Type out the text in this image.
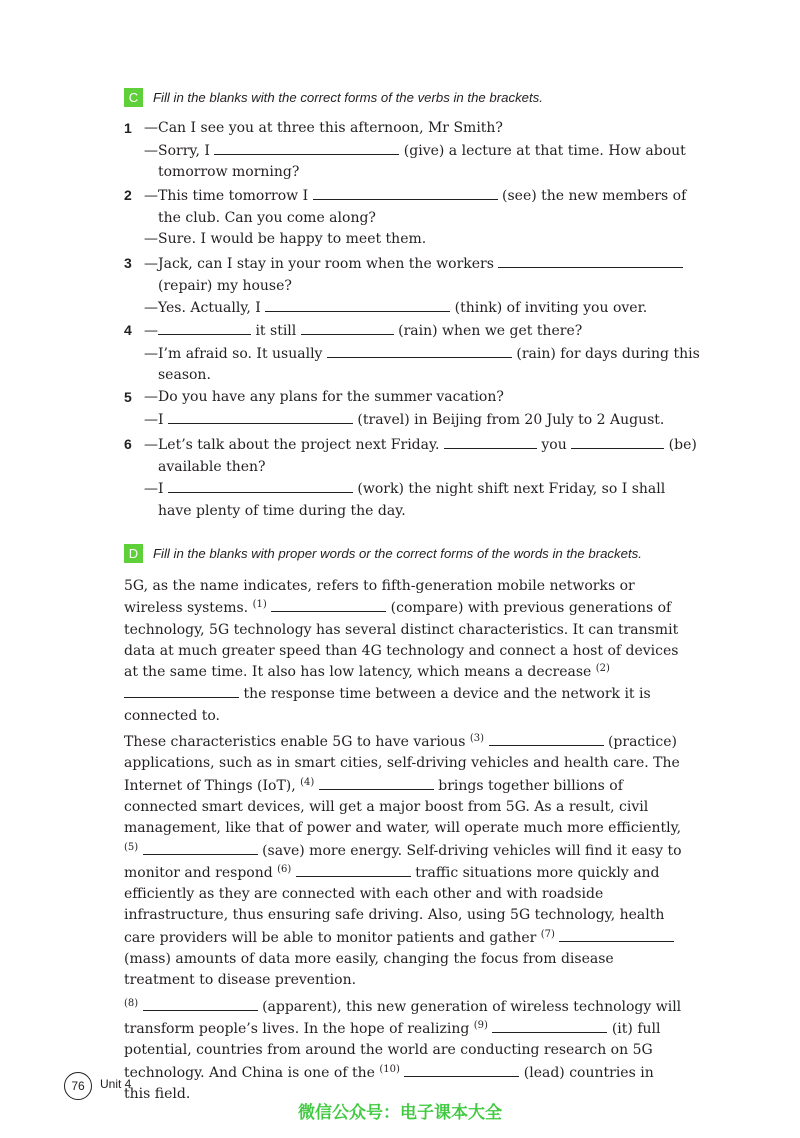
C	Fill in the blanks with the correct forms of the verbs in the brackets.
1 —Can I see you at three this afternoon, Mr Smith?

—Sorry, I	(give) a lecture at that time. How about tomorrow morning?

2 —This time tomorrow I	(see) the new members of the club. Can you come along?

—Sure. I would be happy to meet them.

3 —Jack, can I stay in your room when the workers  (repair) my house?

—Yes. Actually, I	(think) of inviting you over.

4 —	it still	(rain) when we get there?

—I’m afraid so. It usually	(rain) for days during this season.

5 —Do you have any plans for the summer vacation?

—I	(travel) in Beijing from 20 July to 2 August.

6 —Let’s talk about the project next Friday.	you	(be) available then?

—I	(work) the night shift next Friday, so I shall have plenty of time during the day.

D	Fill in the blanks with proper words or the correct forms of the words in the brackets.

5G, as the name indicates, refers to fifth-generation mobile networks or wireless systems. $^{(1)}$	(compare) with previous generations of technology, 5G technology has several distinct characteristics. It can transmit data at much greater speed than 4G technology and connect a host of devices at the same time. It also has low latency, which means a decrease $^{(2)}$  the response time between a device and the network it is connected to.

These characteristics enable 5G to have various $^{(3)}$	(practice) applications, such as in smart cities, self-driving vehicles and health care. The Internet of Things (IoT), $^{(4)}$	brings together billions of connected smart devices, will get a major boost from 5G. As a result, civil management, like that of power and water, will operate much more efficiently, $^{(5)}$	(save) more energy. Self-driving vehicles will find it easy to monitor and respond $^{(6)}$	traffic situations more quickly and efficiently as they are connected with each other and with roadside infrastructure, thus ensuring safe driving. Also, using 5G technology, health care providers will be able to monitor patients and gather $^{(7)}$  (mass) amounts of data more easily, changing the focus from disease treatment to disease prevention.

$^{(8)}$	(apparent), this new generation of wireless technology will transform people’s lives. In the hope of realizing $^{(9)}$	(it) full potential, countries from around the world are conducting research on 5G technology. And China is one of the $^{(10)}$	(lead) countries in this field.

76	Unit 4
微信公众号：电子课本大全
